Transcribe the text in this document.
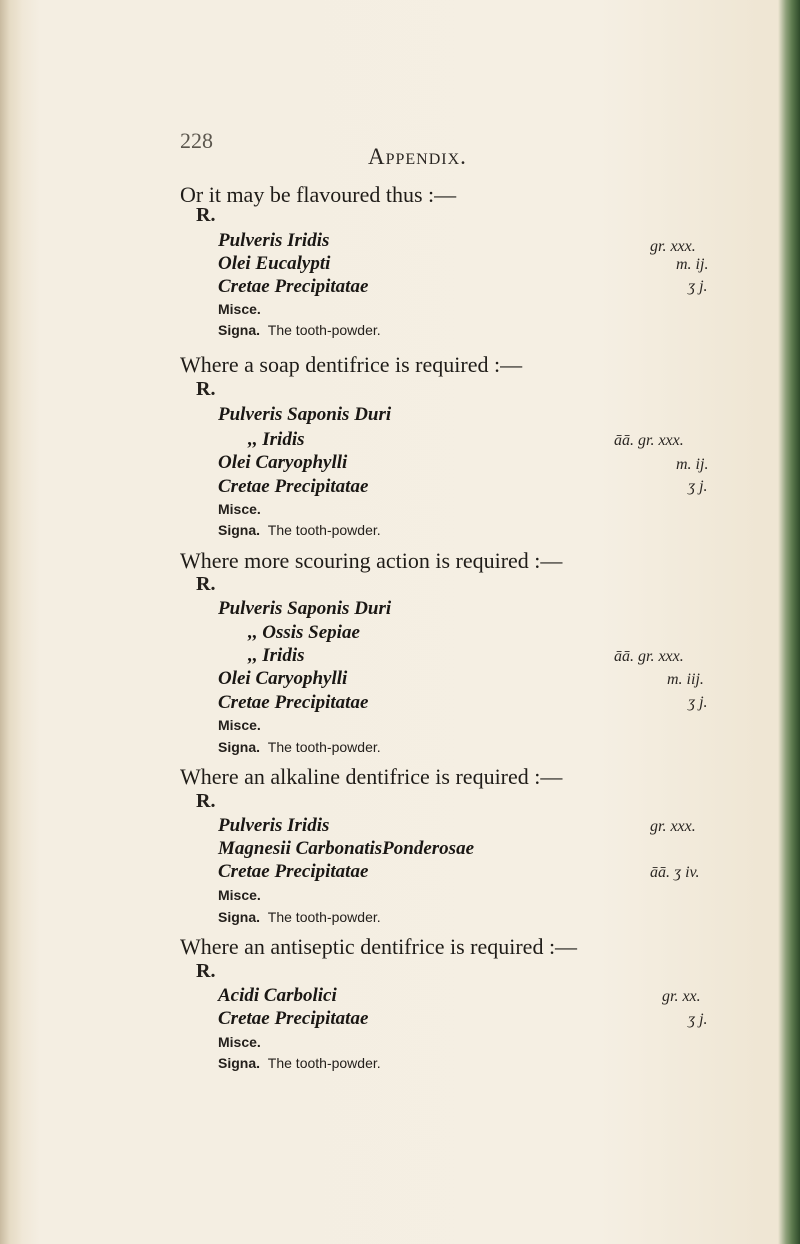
228
Appendix.
Or it may be flavoured thus :—
R.
Pulveris Iridis	gr. xxx.
Olei Eucalypti	m. ij.
Cretae Precipitatae	ʒ j.
Misce.
Signa. The tooth-powder.
Where a soap dentifrice is required :—
R.
Pulveris Saponis Duri
,, Iridis	āā. gr. xxx.
Olei Caryophylli	m. ij.
Cretae Precipitatae	ʒ j.
Misce.
Signa. The tooth-powder.
Where more scouring action is required :—
R.
Pulveris Saponis Duri
,, Ossis Sepiae
,, Iridis	āā. gr. xxx.
Olei Caryophylli	m. iij.
Cretae Precipitatae	ʒ j.
Misce.
Signa. The tooth-powder.
Where an alkaline dentifrice is required :—
R.
Pulveris Iridis	gr. xxx.
Magnesii CarbonatisPonderosae
Cretae Precipitatae	āā. ʒ iv.
Misce.
Signa. The tooth-powder.
Where an antiseptic dentifrice is required :—
R.
Acidi Carbolici	gr. xx.
Cretae Precipitatae	ʒ j.
Misce.
Signa. The tooth-powder.
